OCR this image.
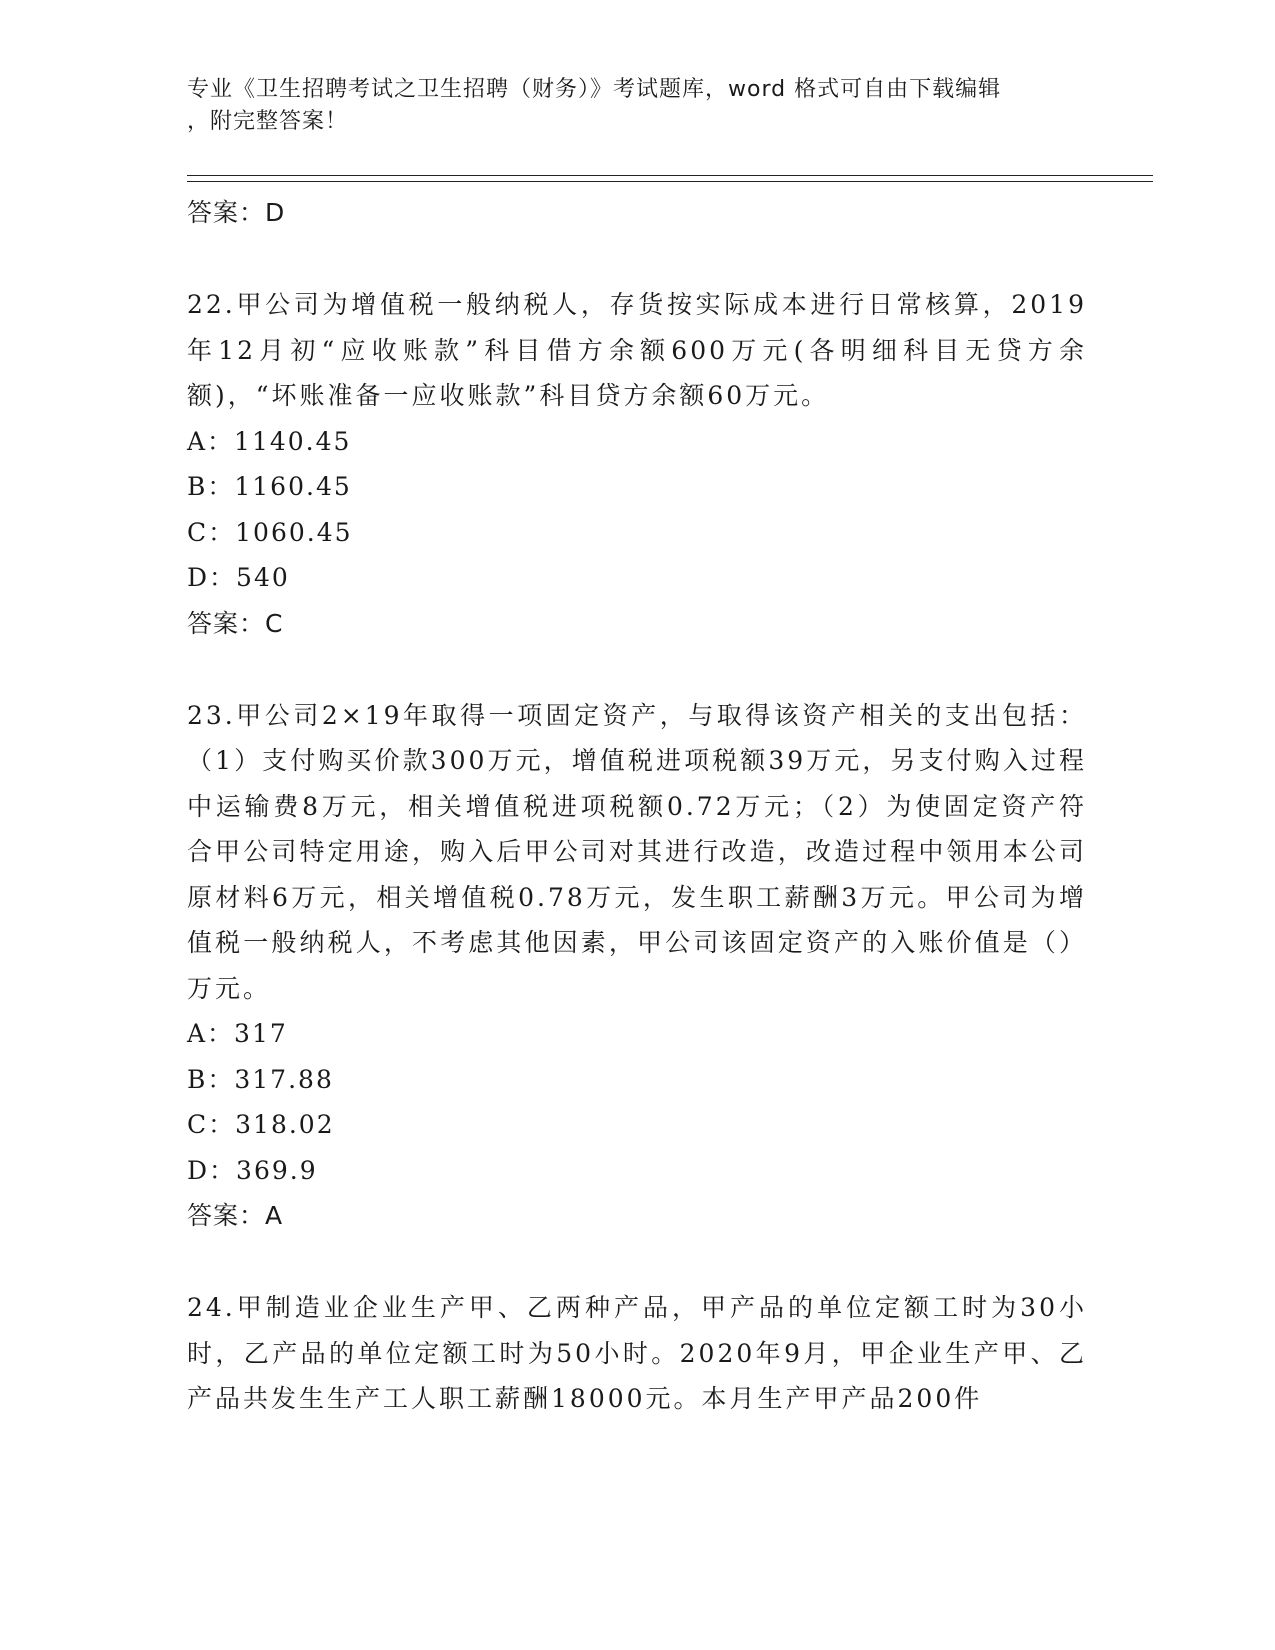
专业《卫生招聘考试之卫生招聘（财务）》考试题库，word 格式可自由下载编辑
，附完整答案！
答案：D

22.甲公司为增值税一般纳税人，存货按实际成本进行日常核算，2019年12月初“应收账款”科目借方余额600万元(各明细科目无贷方余额)，“坏账准备一应收账款”科目贷方余额60万元。

A：1140.45
B：1160.45
C：1060.45
D：540
答案：C

23.甲公司2×19年取得一项固定资产，与取得该资产相关的支出包括：（1）支付购买价款300万元，增值税进项税额39万元，另支付购入过程中运输费8万元，相关增值税进项税额0.72万元；（2）为使固定资产符合甲公司特定用途，购入后甲公司对其进行改造，改造过程中领用本公司原材料6万元，相关增值税0.78万元，发生职工薪酬3万元。甲公司为增值税一般纳税人，不考虑其他因素，甲公司该固定资产的入账价值是（）万元。

A：317
B：317.88
C：318.02
D：369.9
答案：A

24.甲制造业企业生产甲、乙两种产品，甲产品的单位定额工时为30小时，乙产品的单位定额工时为50小时。2020年9月，甲企业生产甲、乙产品共发生生产工人职工薪酬18000元。本月生产甲产品200件
